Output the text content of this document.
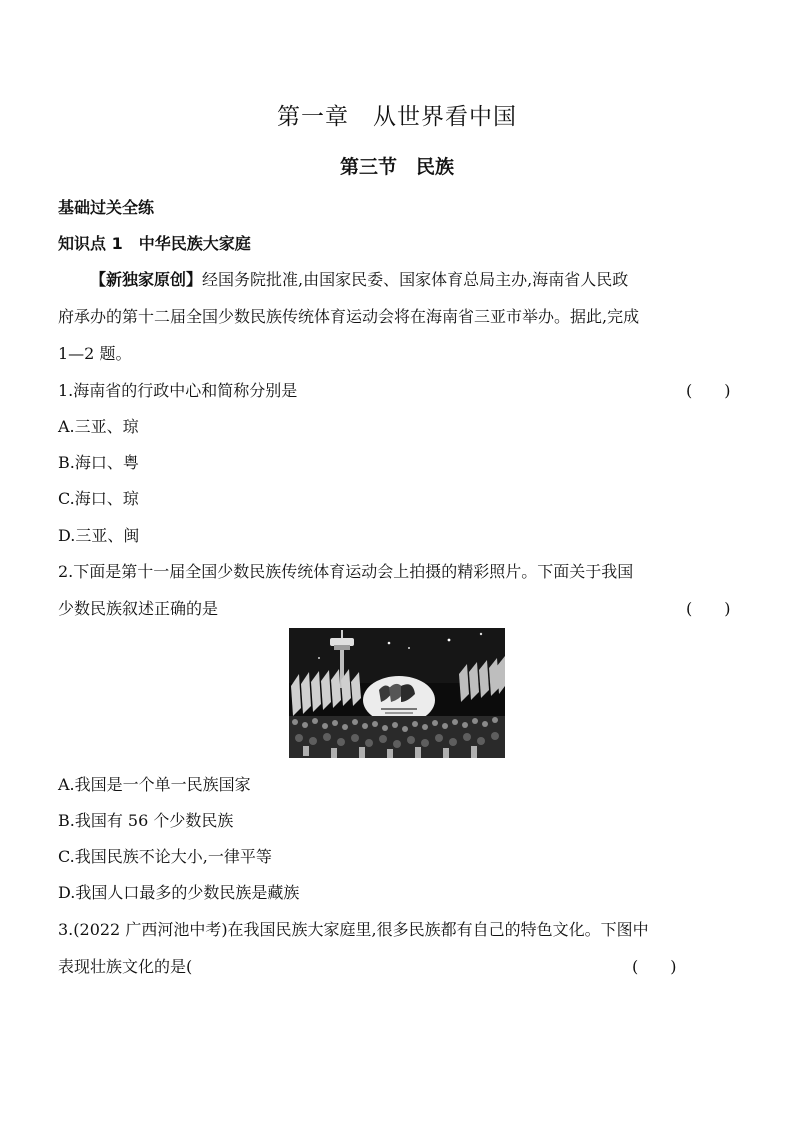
第一章　从世界看中国
第三节　民族
基础过关全练
知识点 1　中华民族大家庭
【新独家原创】经国务院批准,由国家民委、国家体育总局主办,海南省人民政
府承办的第十二届全国少数民族传统体育运动会将在海南省三亚市举办。据此,完成
1—2 题。
1.海南省的行政中心和简称分别是	(　　)
A.三亚、琼
B.海口、粤
C.海口、琼
D.三亚、闽
2.下面是第十一届全国少数民族传统体育运动会上拍摄的精彩照片。下面关于我国
少数民族叙述正确的是	(　　)
A.我国是一个单一民族国家
B.我国有 56 个少数民族
C.我国民族不论大小,一律平等
D.我国人口最多的少数民族是藏族
3.(2022 广西河池中考)在我国民族大家庭里,很多民族都有自己的特色文化。下图中
表现壮族文化的是(	(　　)
